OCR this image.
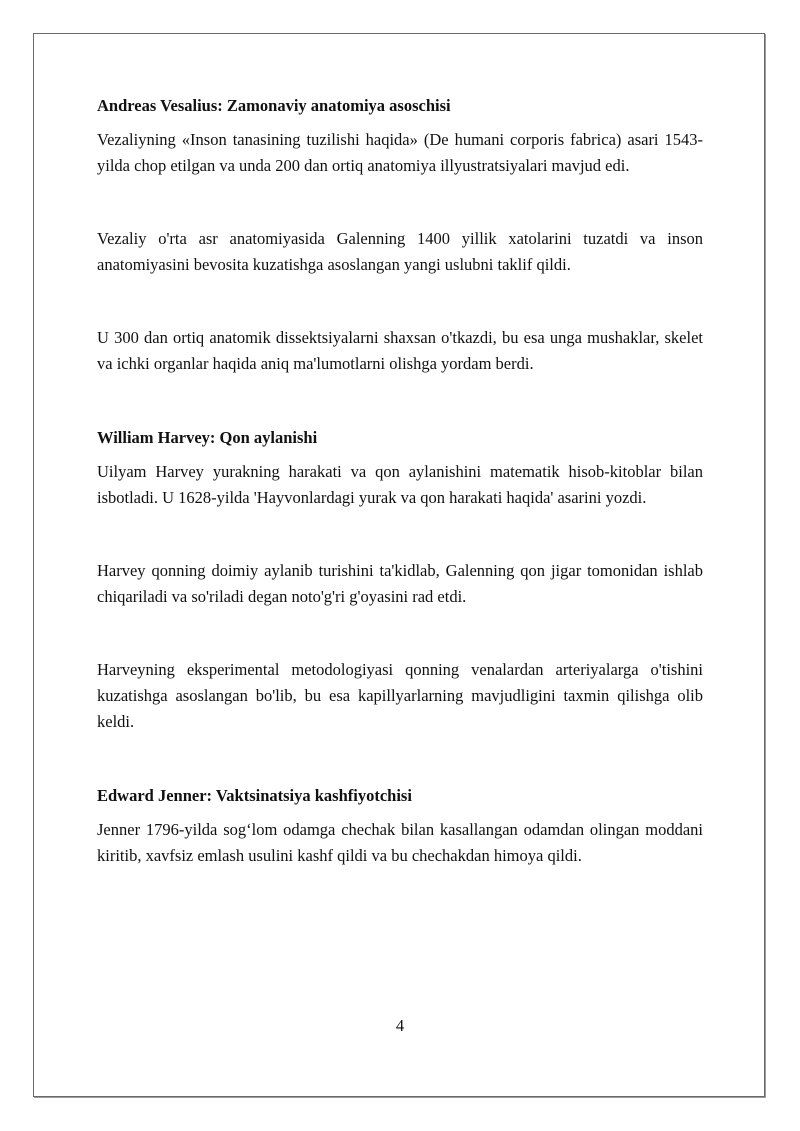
Andreas Vesalius: Zamonaviy anatomiya asoschisi

Vezaliyning «Inson tanasining tuzilishi haqida» (De humani corporis fabrica) asari 1543-yilda chop etilgan va unda 200 dan ortiq anatomiya illyustratsiyalari mavjud edi.

Vezaliy o'rta asr anatomiyasida Galenning 1400 yillik xatolarini tuzatdi va inson anatomiyasini bevosita kuzatishga asoslangan yangi uslubni taklif qildi.

U 300 dan ortiq anatomik dissektsiyalarni shaxsan o'tkazdi, bu esa unga mushaklar, skelet va ichki organlar haqida aniq ma'lumotlarni olishga yordam berdi.

William Harvey: Qon aylanishi

Uilyam Harvey yurakning harakati va qon aylanishini matematik hisob-kitoblar bilan isbotladi. U 1628-yilda 'Hayvonlardagi yurak va qon harakati haqida' asarini yozdi.

Harvey qonning doimiy aylanib turishini ta'kidlab, Galenning qon jigar tomonidan ishlab chiqariladi va so'riladi degan noto'g'ri g'oyasini rad etdi.

Harveyning eksperimental metodologiyasi qonning venalardan arteriyalarga o'tishini kuzatishga asoslangan bo'lib, bu esa kapillyarlarning mavjudligini taxmin qilishga olib keldi.

Edward Jenner: Vaktsinatsiya kashfiyotchisi

Jenner 1796-yilda sog‘lom odamga chechak bilan kasallangan odamdan olingan moddani kiritib, xavfsiz emlash usulini kashf qildi va bu chechakdan himoya qildi.

4
